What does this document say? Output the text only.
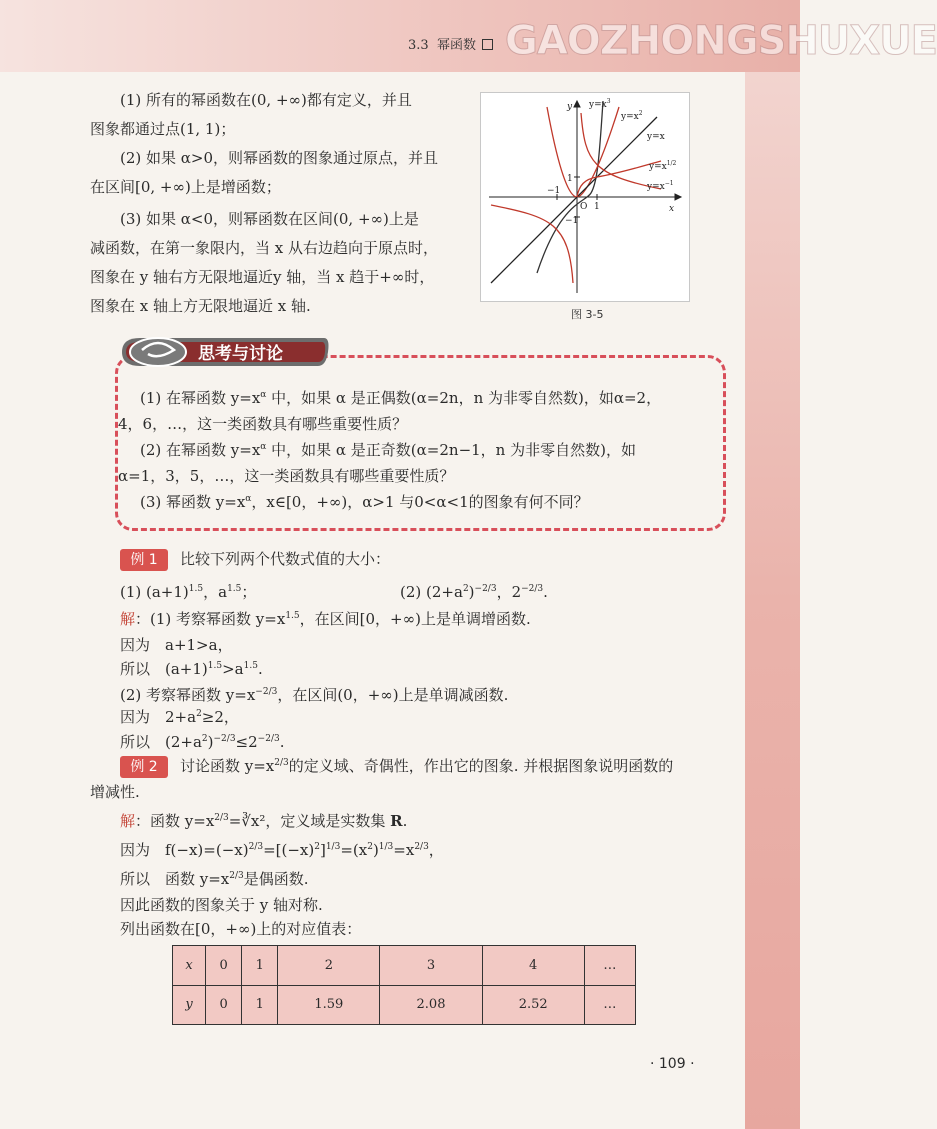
3.3 幂函数 GAOZHONGSHUXUE
(1) 所有的幂函数在(0, +∞)都有定义，并且
图象都通过点(1, 1)；
(2) 如果 α>0，则幂函数的图象通过原点，并且
在区间[0, +∞)上是增函数；
(3) 如果 α<0，则幂函数在区间(0, +∞)上是
减函数，在第一象限内，当 x 从右边趋向于原点时，
图象在 y 轴右方无限地逼近y 轴，当 x 趋于+∞时，
图象在 x 轴上方无限地逼近 x 轴.
y
x
O 1
−1
1
−1
$y=x^3$
$y=x^2$
y=x
$y=x^{1/2}$
$y=x^{-1}$
图 3-5
思考与讨论
(1) 在幂函数 $y=x^\alpha$ 中，如果 α 是正偶数(α=2n，n 为非零自然数)，如α=2，
4，6，…，这一类函数具有哪些重要性质？
(2) 在幂函数 $y=x^\alpha$ 中，如果 α 是正奇数(α=2n−1，n 为非零自然数)，如
α=1，3，5，…，这一类函数具有哪些重要性质？
(3) 幂函数 $y=x^\alpha$，x∈[0，+∞)，α>1 与0<α<1的图象有何不同？
例 1	比较下列两个代数式值的大小：
(1) $(a+1)^{1.5}$，$a^{1.5}$；	(2) $(2+a^2)^{-2/3}$，$2^{-2/3}$.
解：(1) 考察幂函数 $y=x^{1.5}$，在区间[0，+∞)上是单调增函数.
因为　a+1>a，
所以　$(a+1)^{1.5}>a^{1.5}$.
(2) 考察幂函数 $y=x^{-2/3}$，在区间(0，+∞)上是单调减函数.
因为　$2+a^2\ge 2$，
所以　$(2+a^2)^{-2/3}\le 2^{-2/3}$.
例 2	讨论函数 $y=x^{2/3}$的定义域、奇偶性，作出它的图象. 并根据图象说明函数的
增减性.
解：函数 $y=x^{2/3}=∛x^2$，定义域是实数集 R.
因为　$f(-x)=(-x)^{2/3}=[(-x)^2]^{1/3}=(x^2)^{1/3}=x^{2/3}$，
所以　函数 $y=x^{2/3}$是偶函数.
因此函数的图象关于 y 轴对称.
列出函数在[0，+∞)上的对应值表：
x	0	1	2	3	4	…
y	0	1	1.59	2.08	2.52	…
· 109 ·
